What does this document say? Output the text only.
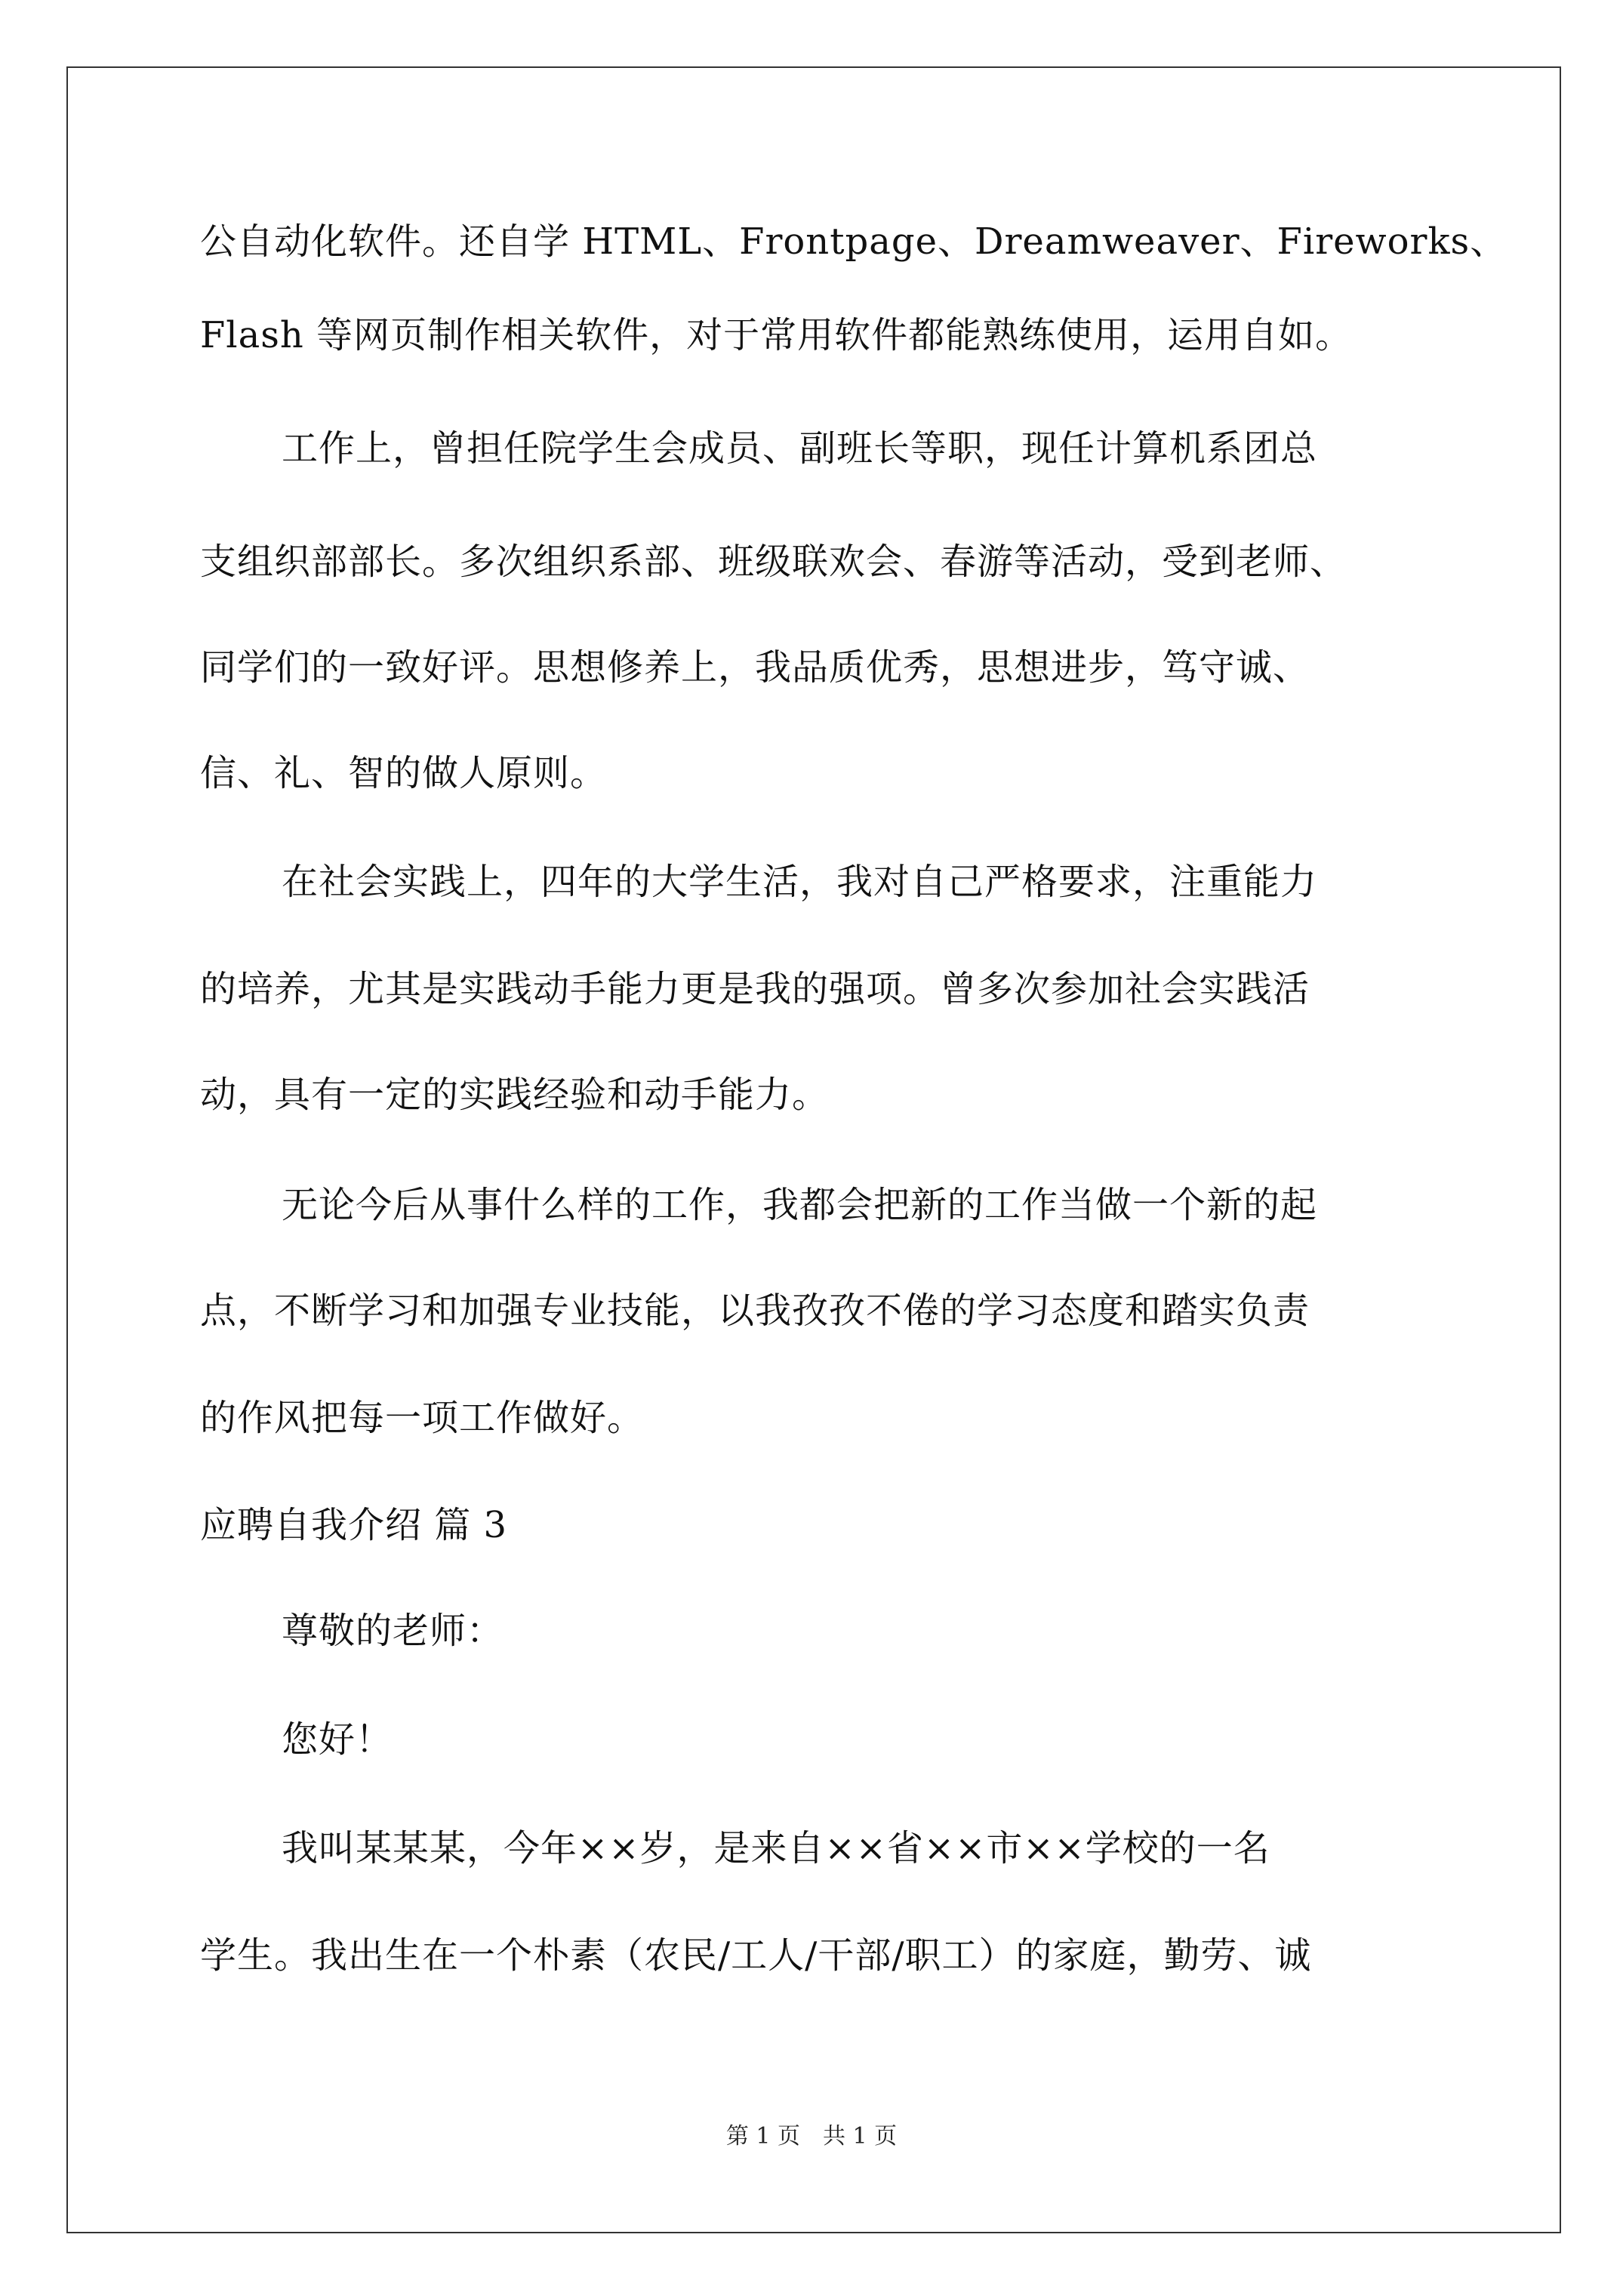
公自动化软件。还自学 HTML、Frontpage、Dreamweaver、Fireworks、
Flash 等网页制作相关软件，对于常用软件都能熟练使用，运用自如。
工作上，曾担任院学生会成员、副班长等职，现任计算机系团总
支组织部部长。多次组织系部、班级联欢会、春游等活动，受到老师、
同学们的一致好评。思想修养上，我品质优秀，思想进步，笃守诚、
信、礼、智的做人原则。
在社会实践上，四年的大学生活，我对自己严格要求，注重能力
的培养，尤其是实践动手能力更是我的强项。曾多次参加社会实践活
动，具有一定的实践经验和动手能力。
无论今后从事什么样的工作，我都会把新的工作当做一个新的起
点，不断学习和加强专业技能，以我孜孜不倦的学习态度和踏实负责
的作风把每一项工作做好。
应聘自我介绍 篇 3
尊敬的老师：
您好！
我叫某某某，今年××岁，是来自××省××市××学校的一名
学生。我出生在一个朴素（农民/工人/干部/职工）的家庭，勤劳、诚
第 1 页　共 1 页
